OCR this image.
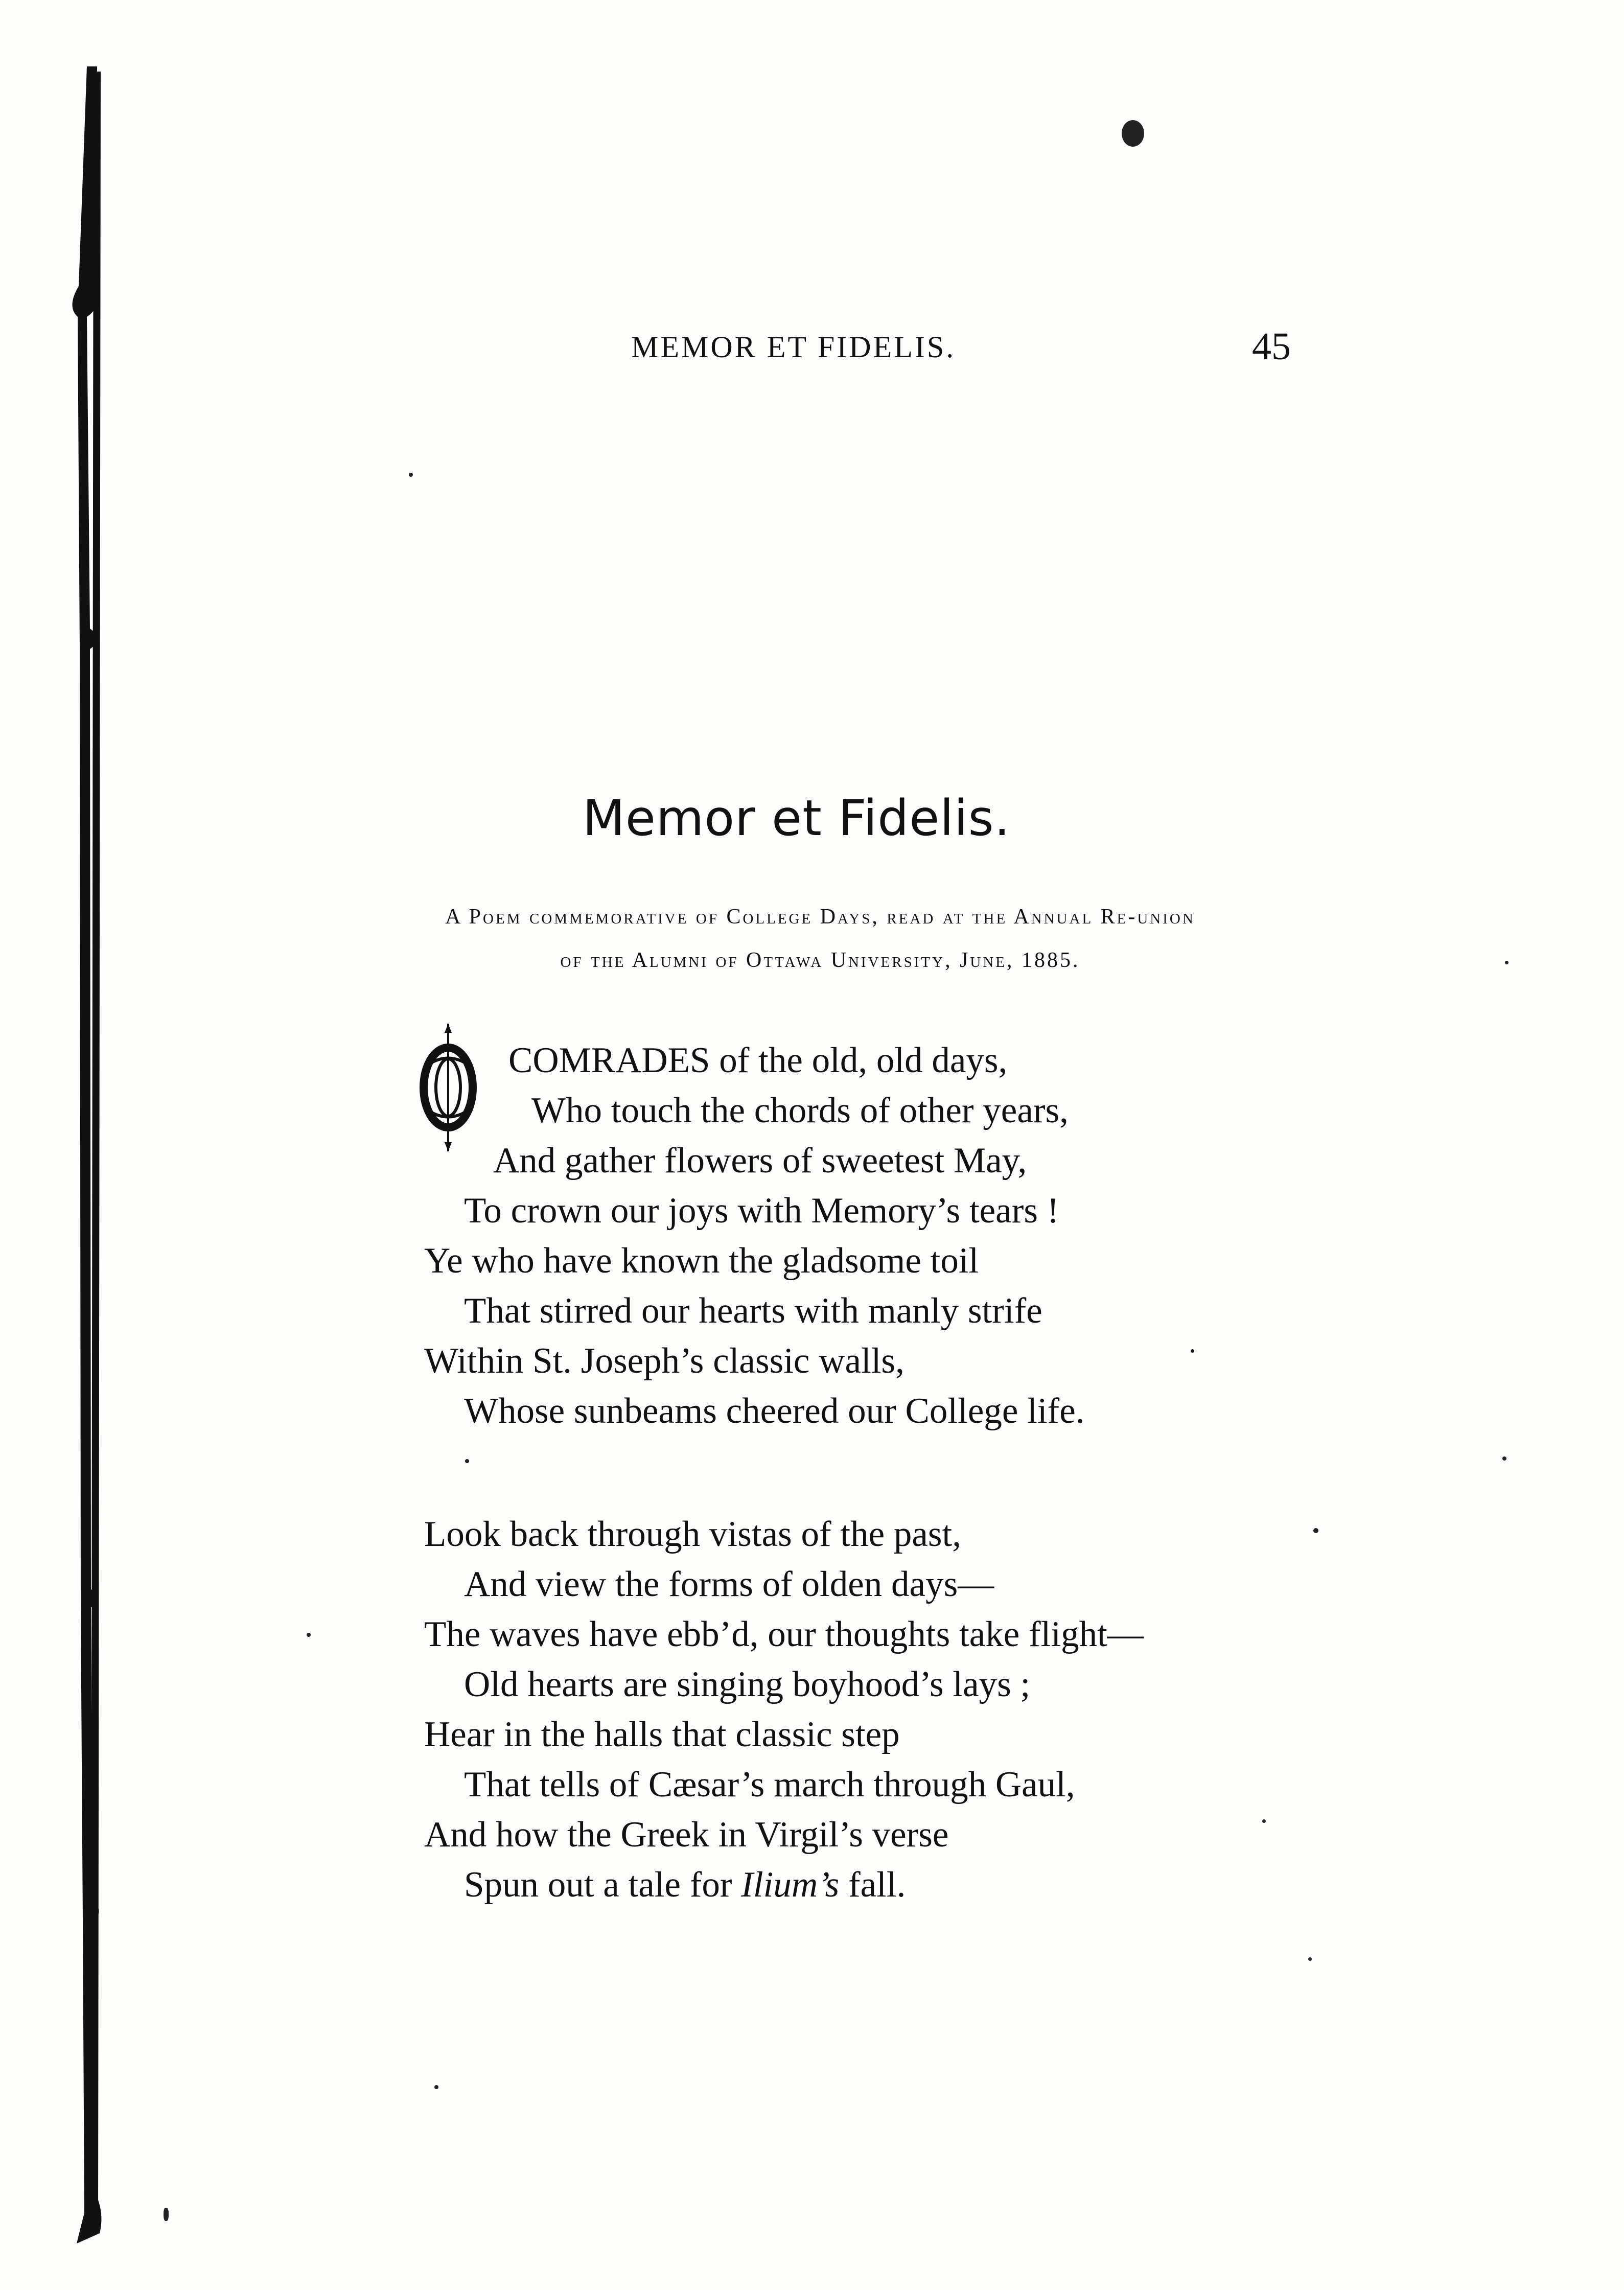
MEMOR ET FIDELIS.	45
Memor et Fidelis.
A Poem commemorative of College Days, read at the Annual Re-union
of the Alumni of Ottawa University, June, 1885.
COMRADES of the old, old days,
Who touch the chords of other years,
And gather flowers of sweetest May,
To crown our joys with Memory’s tears !
Ye who have known the gladsome toil
That stirred our hearts with manly strife
Within St. Joseph’s classic walls,
Whose sunbeams cheered our College life.
Look back through vistas of the past,
And view the forms of olden days—
The waves have ebb’d, our thoughts take flight—
Old hearts are singing boyhood’s lays ;
Hear in the halls that classic step
That tells of Cæsar’s march through Gaul,
And how the Greek in Virgil’s verse
Spun out a tale for Ilium’s fall.
